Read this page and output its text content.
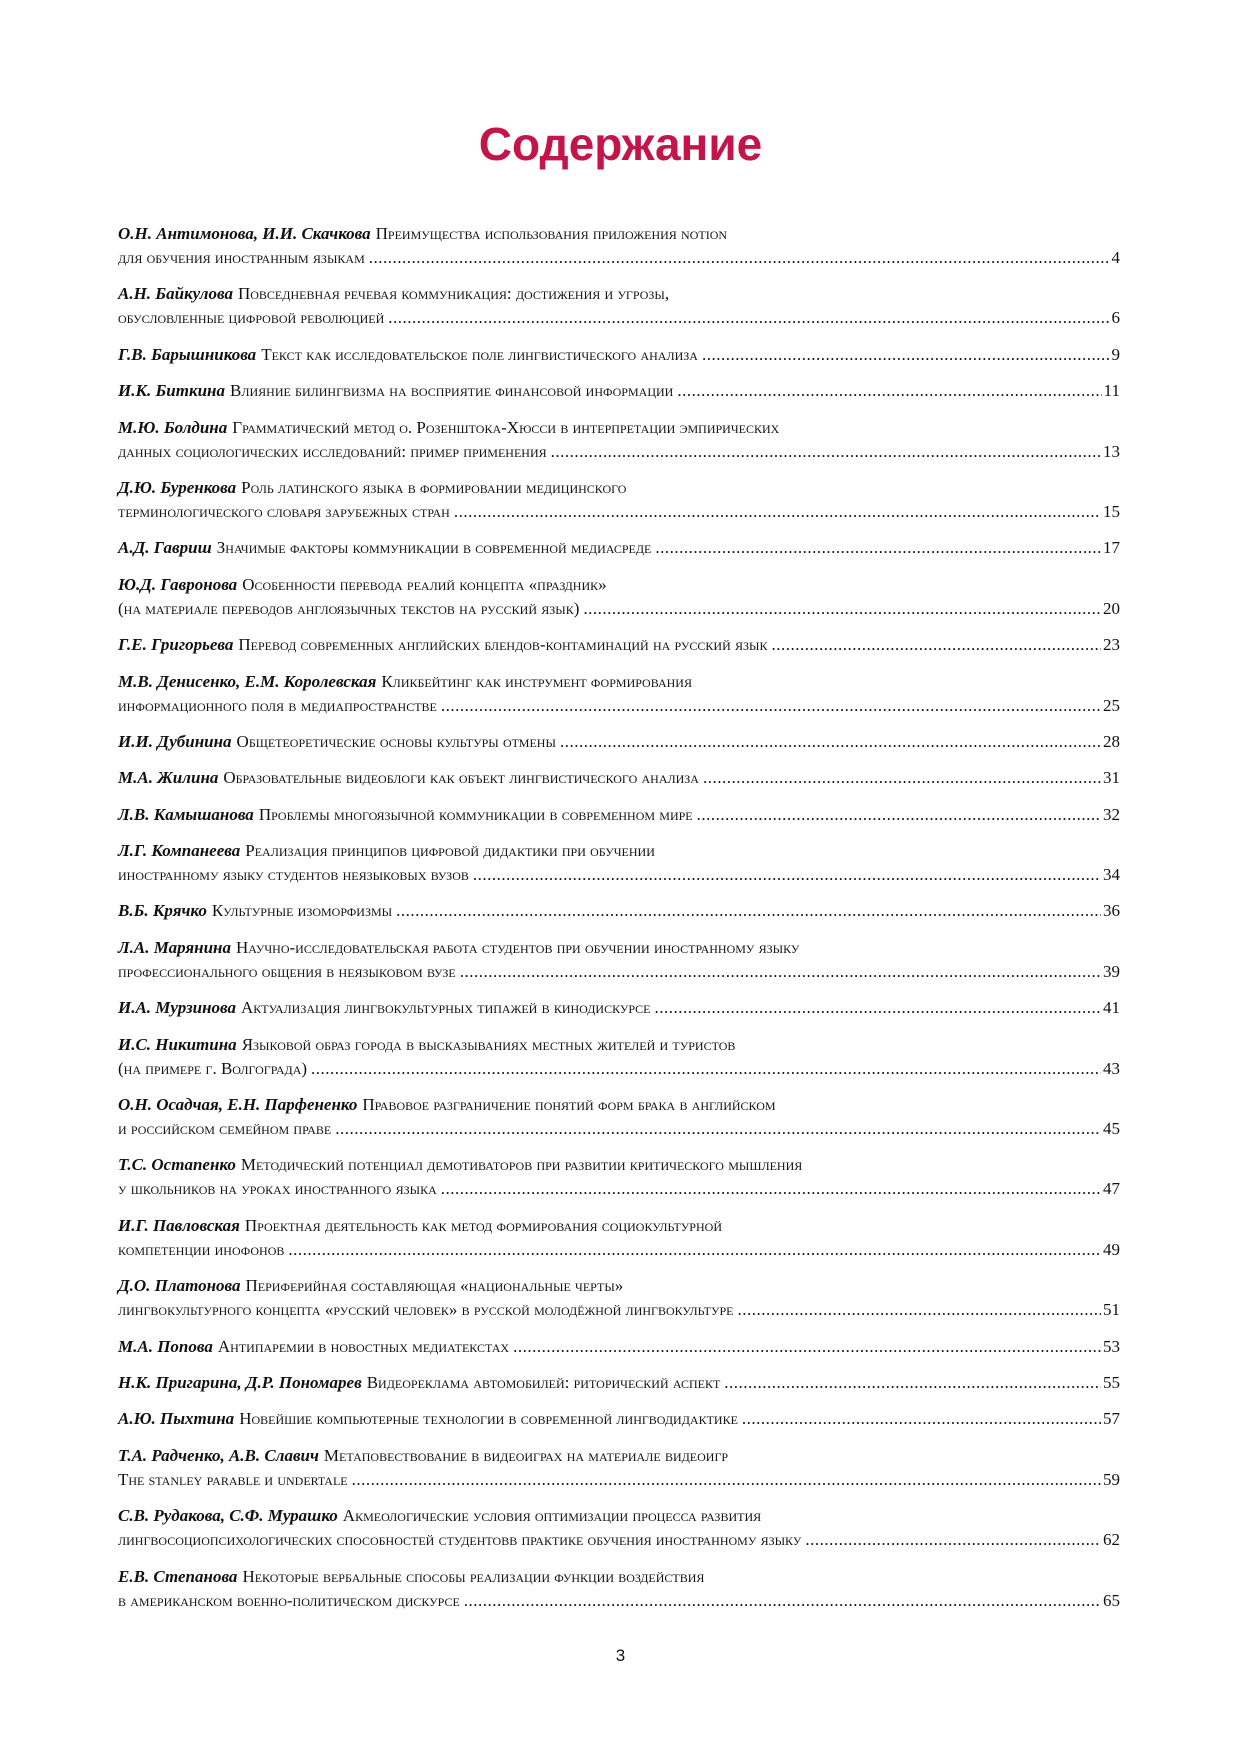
Содержание
О.Н. Антимонова, И.И. Скачкова Преимущества использования приложения notion
для обучения иностранным языкам .....	4
А.Н. Байкулова Повседневная речевая коммуникация: достижения и угрозы,
обусловленные цифровой революцией .....	6
Г.В. Барышникова Текст как исследовательское поле лингвистического анализа .....	9
И.К. Биткина Влияние билингвизма на восприятие финансовой информации .....	11
М.Ю. Болдина Грамматический метод о. Розенштока-Хюсси в интерпретации эмпирических
данных социологических исследований: пример применения .....	13
Д.Ю. Буренкова Роль латинского языка в формировании медицинского
терминологического словаря зарубежных стран .....	15
А.Д. Гавриш Значимые факторы коммуникации в современной медиасреде .....	17
Ю.Д. Гавронова Особенности перевода реалий концепта «праздник»
(на материале переводов англоязычных текстов на русский язык) .....	20
Г.Е. Григорьева Перевод современных английских блендов-контаминаций на русский язык .....	23
М.В. Денисенко, Е.М. Королевская Кликбейтинг как инструмент формирования
информационного поля в медиапространстве .....	25
И.И. Дубинина Общетеоретические основы культуры отмены .....	28
М.А. Жилина Образовательные видеоблоги как объект лингвистического анализа .....	31
Л.В. Камышанова Проблемы многоязычной коммуникации в современном мире .....	32
Л.Г. Компанеева Реализация принципов цифровой дидактики при обучении
иностранному языку студентов неязыковых вузов .....	34
В.Б. Крячко Культурные изоморфизмы .....	36
Л.А. Марянина Научно-исследовательская работа студентов при обучении иностранному языку
профессионального общения в неязыковом вузе .....	39
И.А. Мурзинова Актуализация лингвокультурных типажей в кинодискурсе .....	41
И.С. Никитина Языковой образ города в высказываниях местных жителей и туристов
(на примере г. Волгограда) .....	43
О.Н. Осадчая, Е.Н. Парфененко Правовое разграничение понятий форм брака в английском
и российском семейном праве .....	45
Т.С. Остапенко Методический потенциал демотиваторов при развитии критического мышления
у школьников на уроках иностранного языка .....	47
И.Г. Павловская Проектная деятельность как метод формирования социокультурной
компетенции инофонов .....	49
Д.О. Платонова Периферийная составляющая «национальные черты»
лингвокультурного концепта «русский человек» в русской молодёжной лингвокультуре .....	51
М.А. Попова Антипаремии в новостных медиатекстах .....	53
Н.К. Пригарина, Д.Р. Пономарев Видеореклама автомобилей: риторический аспект .....	55
А.Ю. Пыхтина Новейшие компьютерные технологии в современной лингводидактике .....	57
Т.А. Радченко, А.В. Славич Метаповествование в видеоиграх на материале видеоигр
The stanley parable и undertale .....	59
С.В. Рудакова, С.Ф. Мурашко Акмеологические условия оптимизации процесса развития
лингвосоциопсихологических способностей студентовв практике обучения иностранному языку .....	62
Е.В. Степанова Некоторые вербальные способы реализации функции воздействия
в американском военно-политическом дискурсе .....	65
3
